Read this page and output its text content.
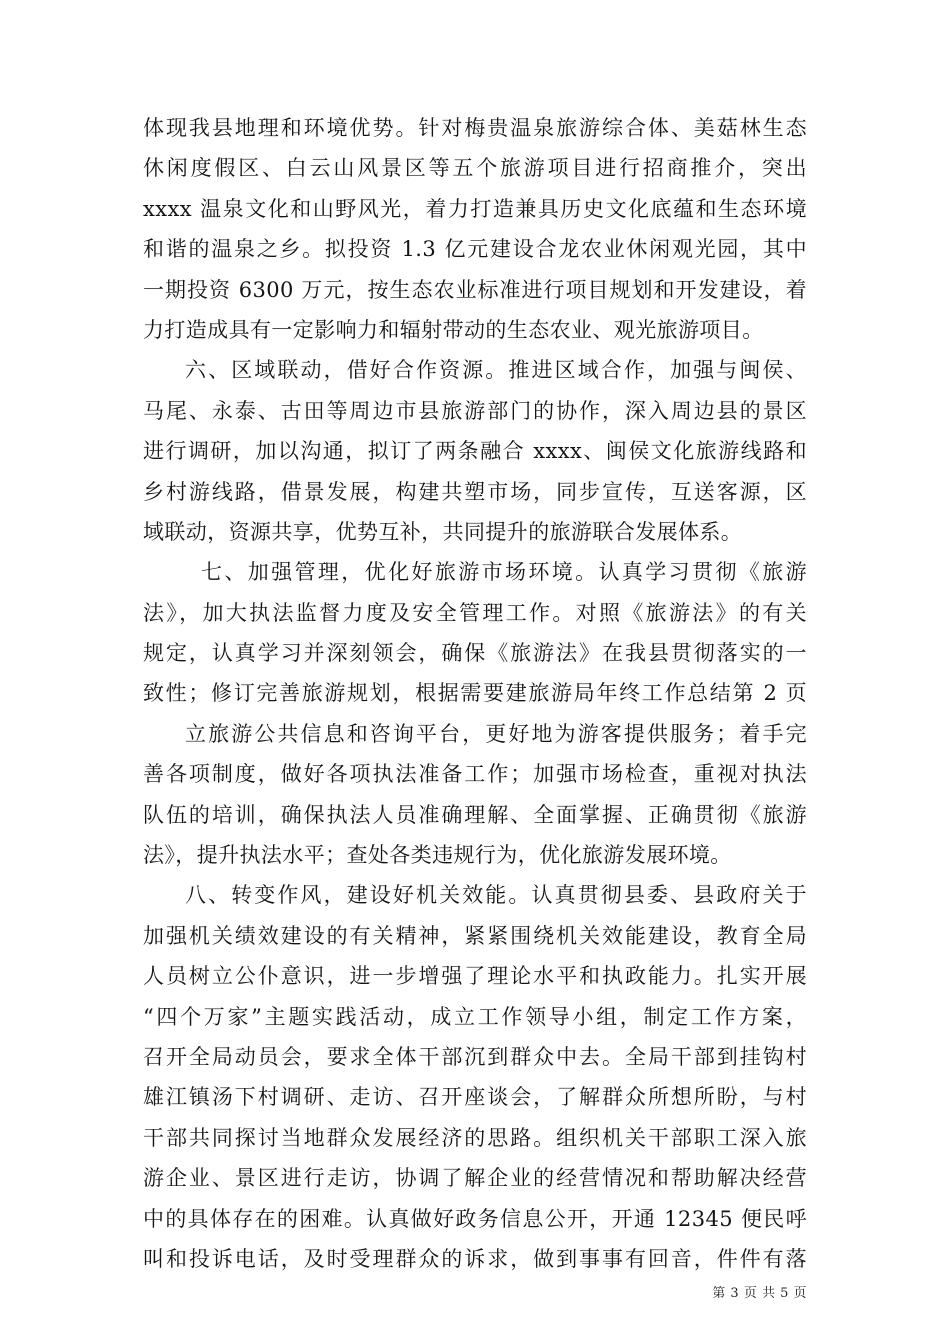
体现我县地理和环境优势。针对梅贵温泉旅游综合体、美菇林生态
休闲度假区、白云山风景区等五个旅游项目进行招商推介，突出
xxxx 温泉文化和山野风光，着力打造兼具历史文化底蕴和生态环境
和谐的温泉之乡。拟投资 1.3 亿元建设合龙农业休闲观光园，其中
一期投资 6300 万元，按生态农业标准进行项目规划和开发建设，着
力打造成具有一定影响力和辐射带动的生态农业、观光旅游项目。
六、区域联动，借好合作资源。推进区域合作，加强与闽侯、
马尾、永泰、古田等周边市县旅游部门的协作，深入周边县的景区
进行调研，加以沟通，拟订了两条融合 xxxx、闽侯文化旅游线路和
乡村游线路，借景发展，构建共塑市场，同步宣传，互送客源，区
域联动，资源共享，优势互补，共同提升的旅游联合发展体系。
七、加强管理，优化好旅游市场环境。认真学习贯彻《旅游
法》，加大执法监督力度及安全管理工作。对照《旅游法》的有关
规定，认真学习并深刻领会，确保《旅游法》在我县贯彻落实的一
致性；修订完善旅游规划，根据需要建旅游局年终工作总结第 2 页
立旅游公共信息和咨询平台，更好地为游客提供服务；着手完
善各项制度，做好各项执法准备工作；加强市场检查，重视对执法
队伍的培训，确保执法人员准确理解、全面掌握、正确贯彻《旅游
法》，提升执法水平；查处各类违规行为，优化旅游发展环境。
八、转变作风，建设好机关效能。认真贯彻县委、县政府关于
加强机关绩效建设的有关精神，紧紧围绕机关效能建设，教育全局
人员树立公仆意识，进一步增强了理论水平和执政能力。扎实开展
“四个万家”主题实践活动，成立工作领导小组，制定工作方案，
召开全局动员会，要求全体干部沉到群众中去。全局干部到挂钩村
雄江镇汤下村调研、走访、召开座谈会，了解群众所想所盼，与村
干部共同探讨当地群众发展经济的思路。组织机关干部职工深入旅
游企业、景区进行走访，协调了解企业的经营情况和帮助解决经营
中的具体存在的困难。认真做好政务信息公开，开通 12345 便民呼
叫和投诉电话，及时受理群众的诉求，做到事事有回音，件件有落
第 3 页 共 5 页
